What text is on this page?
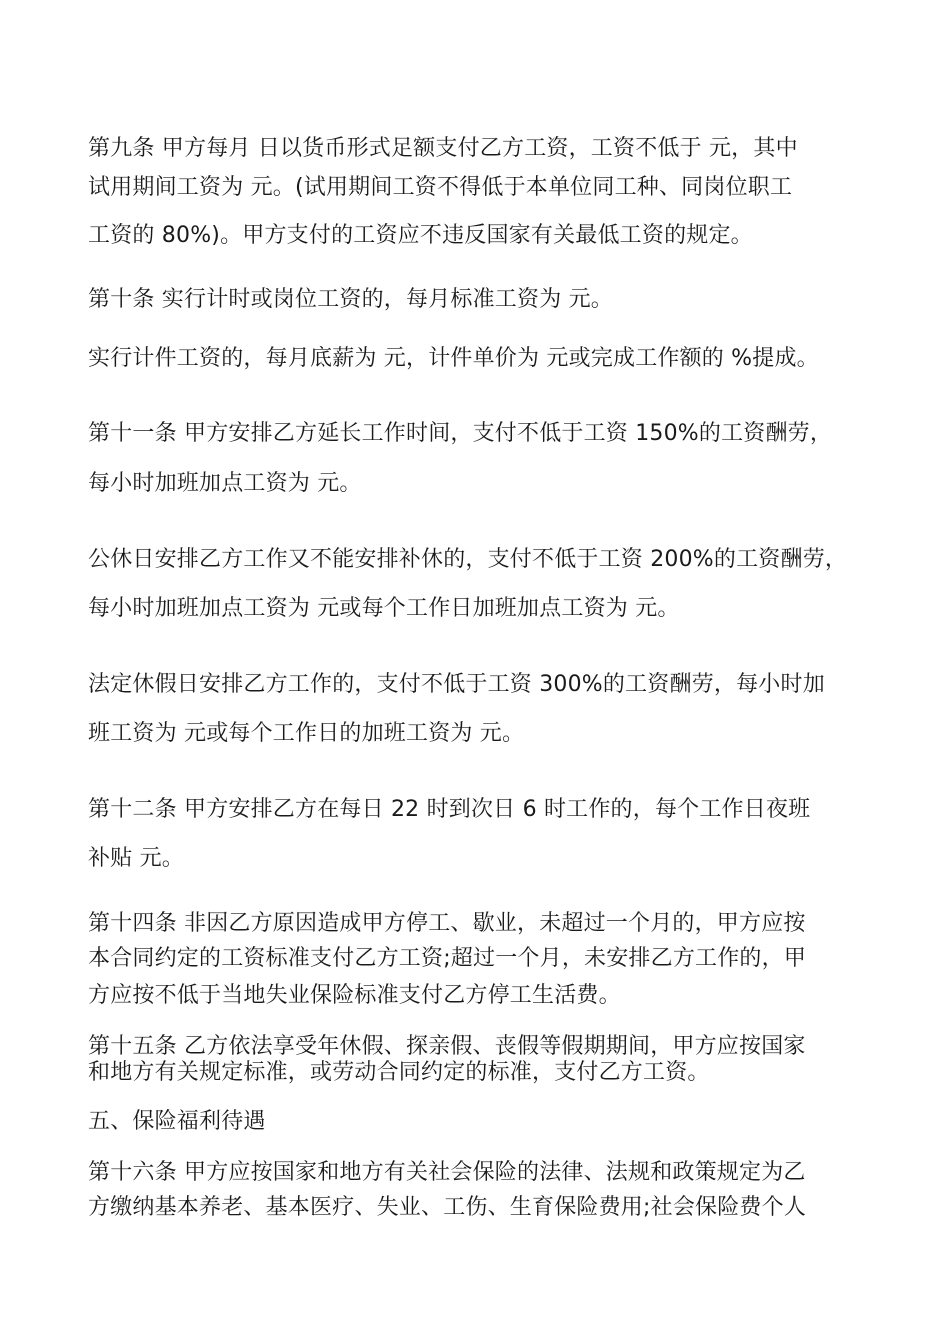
第九条 甲方每月 日以货币形式足额支付乙方工资，工资不低于 元，其中
试用期间工资为 元。(试用期间工资不得低于本单位同工种、同岗位职工
工资的 80%)。甲方支付的工资应不违反国家有关最低工资的规定。
第十条 实行计时或岗位工资的，每月标准工资为 元。
实行计件工资的，每月底薪为 元，计件单价为 元或完成工作额的 %提成。
第十一条 甲方安排乙方延长工作时间，支付不低于工资 150%的工资酬劳，
每小时加班加点工资为 元。
公休日安排乙方工作又不能安排补休的，支付不低于工资 200%的工资酬劳，
每小时加班加点工资为 元或每个工作日加班加点工资为 元。
法定休假日安排乙方工作的，支付不低于工资 300%的工资酬劳，每小时加
班工资为 元或每个工作日的加班工资为 元。
第十二条 甲方安排乙方在每日 22 时到次日 6 时工作的，每个工作日夜班
补贴 元。
第十四条 非因乙方原因造成甲方停工、歇业，未超过一个月的，甲方应按
本合同约定的工资标准支付乙方工资;超过一个月，未安排乙方工作的，甲
方应按不低于当地失业保险标准支付乙方停工生活费。
第十五条 乙方依法享受年休假、探亲假、丧假等假期期间，甲方应按国家
和地方有关规定标准，或劳动合同约定的标准，支付乙方工资。
五、保险福利待遇
第十六条 甲方应按国家和地方有关社会保险的法律、法规和政策规定为乙
方缴纳基本养老、基本医疗、失业、工伤、生育保险费用;社会保险费个人
